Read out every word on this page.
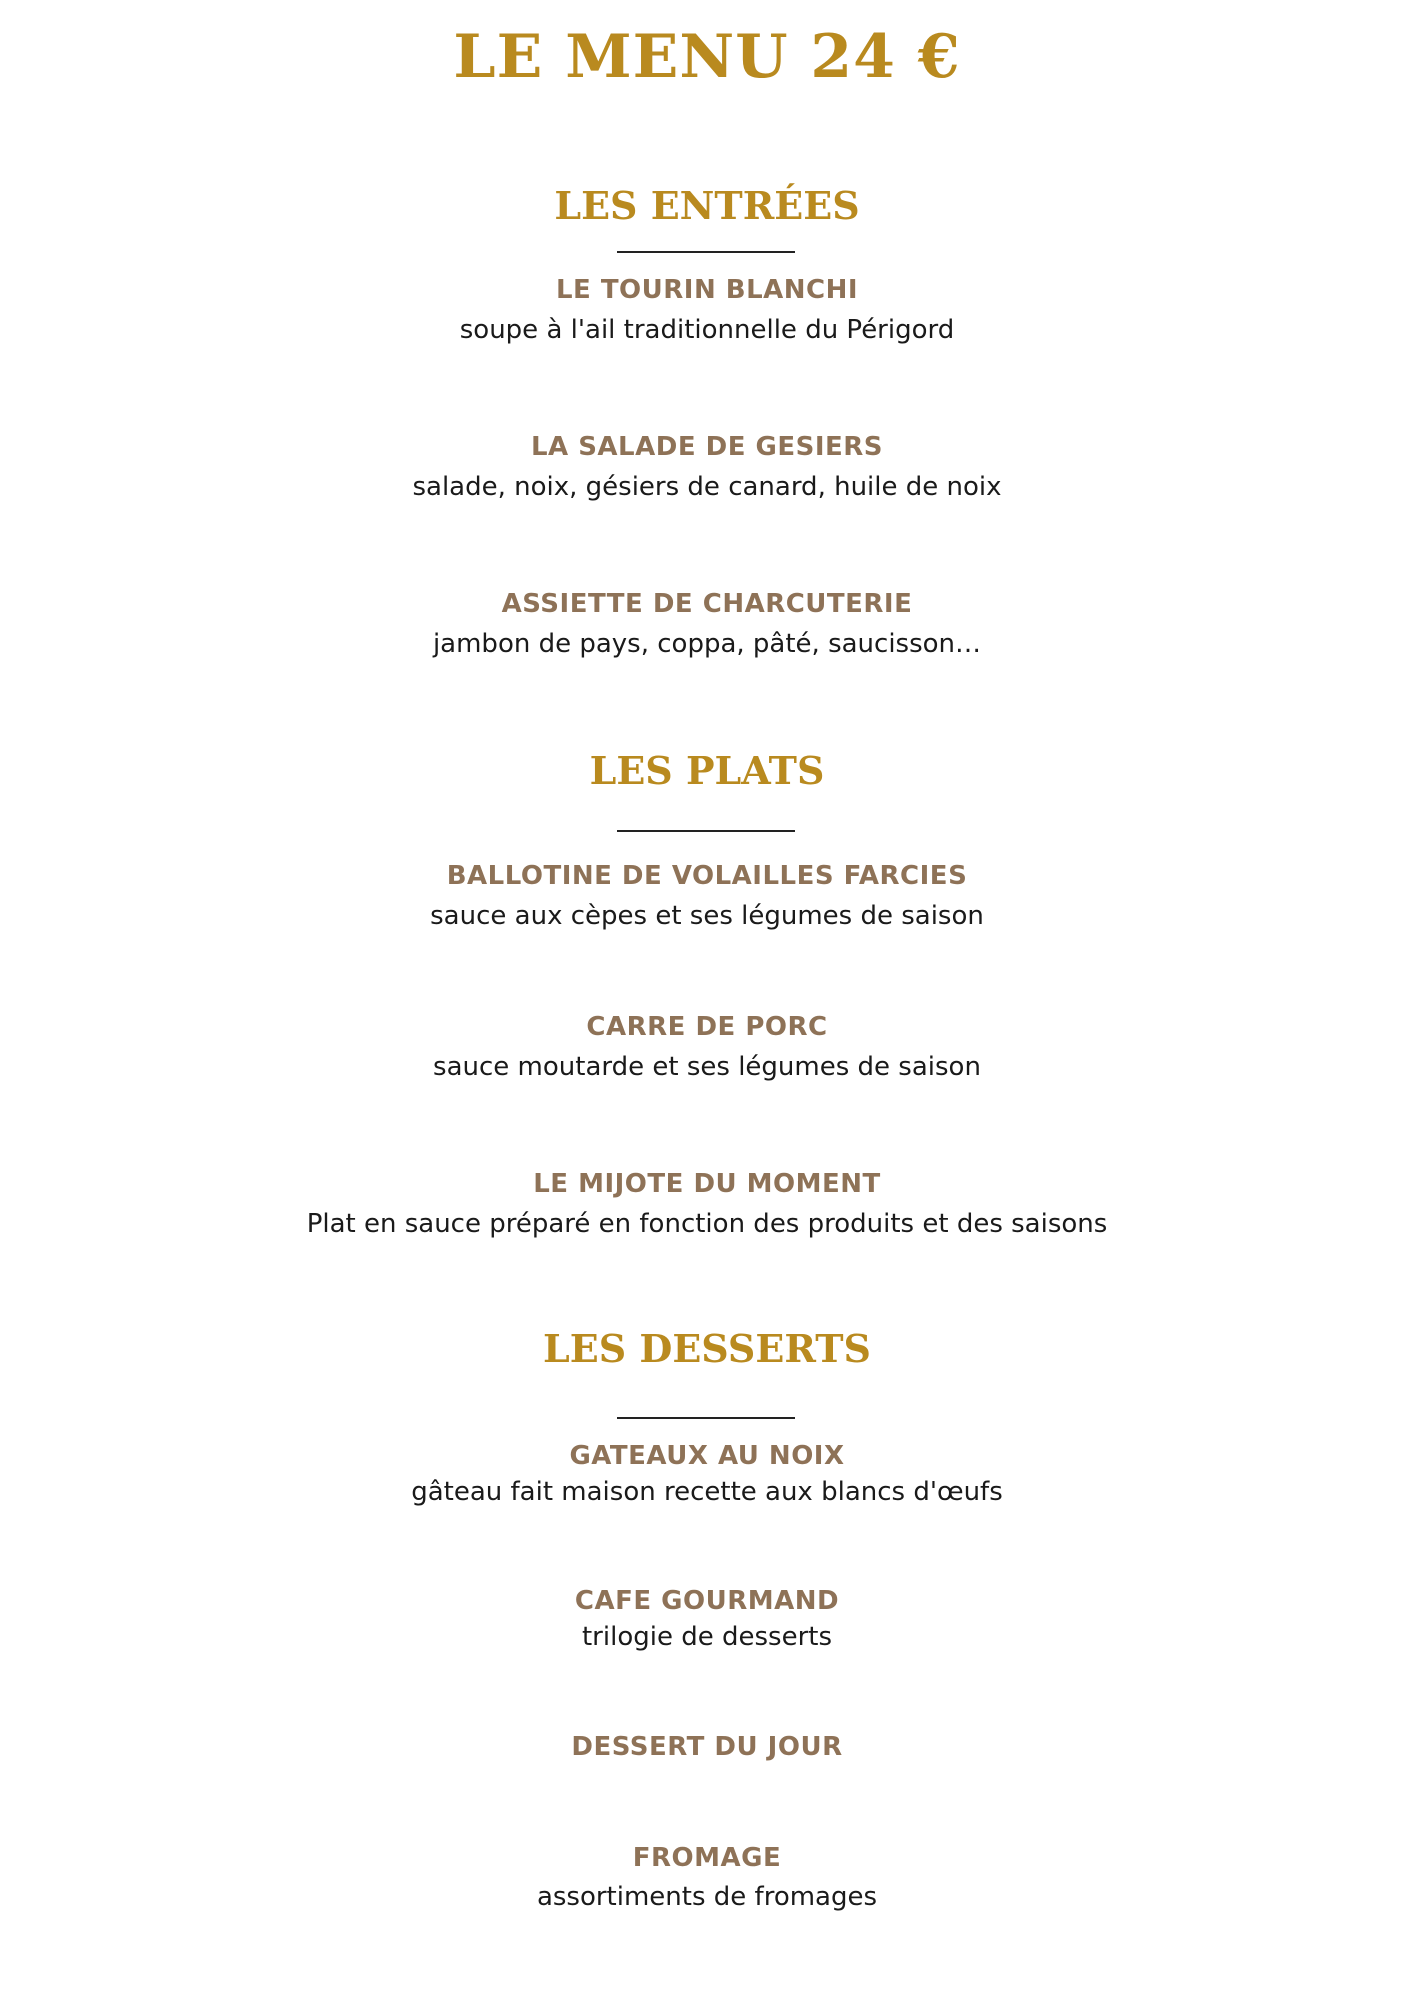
LE MENU 24 €
LES ENTRÉES
LE TOURIN BLANCHI
soupe à l'ail traditionnelle du Périgord
LA SALADE DE GESIERS
salade, noix, gésiers de canard, huile de noix
ASSIETTE DE CHARCUTERIE
jambon de pays, coppa, pâté, saucisson…
LES PLATS
BALLOTINE DE VOLAILLES FARCIES
sauce aux cèpes et ses légumes de saison
CARRE DE PORC
sauce moutarde et ses légumes de saison
LE MIJOTE DU MOMENT
Plat en sauce préparé en fonction des produits et des saisons
LES DESSERTS
GATEAUX AU NOIX
gâteau fait maison recette aux blancs d'œufs
CAFE GOURMAND
trilogie de desserts
DESSERT DU JOUR
FROMAGE
assortiments de fromages
